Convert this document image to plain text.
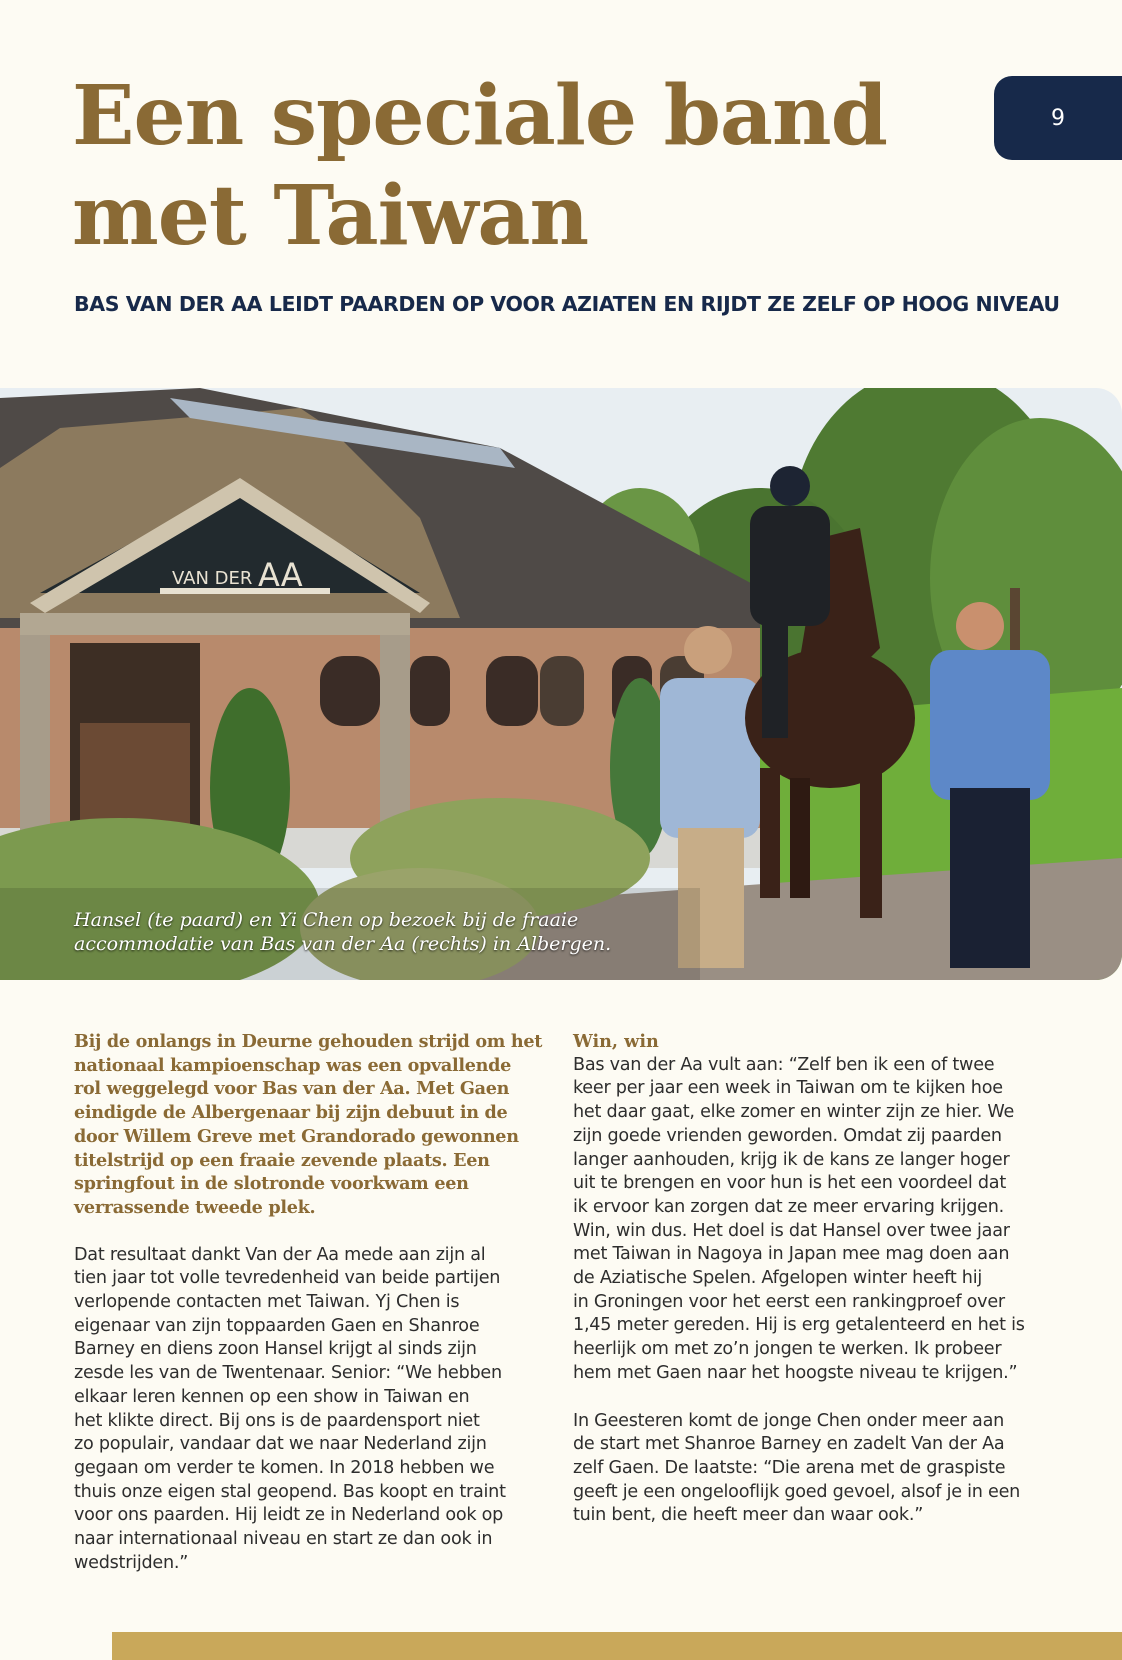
9
Een speciale band
met Taiwan
BAS VAN DER AA LEIDT PAARDEN OP VOOR AZIATEN EN RIJDT ZE ZELF OP HOOG NIVEAU
VAN DER AA
Hansel (te paard) en Yi Chen op bezoek bij de fraaie
accommodatie van Bas van der Aa (rechts) in Albergen.
Bij de onlangs in Deurne gehouden strijd om het
nationaal kampioenschap was een opvallende
rol weggelegd voor Bas van der Aa. Met Gaen
eindigde de Albergenaar bij zijn debuut in de
door Willem Greve met Grandorado gewonnen
titelstrijd op een fraaie zevende plaats. Een
springfout in de slotronde voorkwam een
verrassende tweede plek.
Dat resultaat dankt Van der Aa mede aan zijn al
tien jaar tot volle tevredenheid van beide partijen
verlopende contacten met Taiwan. Yj Chen is
eigenaar van zijn toppaarden Gaen en Shanroe
Barney en diens zoon Hansel krijgt al sinds zijn
zesde les van de Twentenaar. Senior: “We hebben
elkaar leren kennen op een show in Taiwan en
het klikte direct. Bij ons is de paardensport niet
zo populair, vandaar dat we naar Nederland zijn
gegaan om verder te komen. In 2018 hebben we
thuis onze eigen stal geopend. Bas koopt en traint
voor ons paarden. Hij leidt ze in Nederland ook op
naar internationaal niveau en start ze dan ook in
wedstrijden.”
Win, win
Bas van der Aa vult aan: “Zelf ben ik een of twee
keer per jaar een week in Taiwan om te kijken hoe
het daar gaat, elke zomer en winter zijn ze hier. We
zijn goede vrienden geworden. Omdat zij paarden
langer aanhouden, krijg ik de kans ze langer hoger
uit te brengen en voor hun is het een voordeel dat
ik ervoor kan zorgen dat ze meer ervaring krijgen.
Win, win dus. Het doel is dat Hansel over twee jaar
met Taiwan in Nagoya in Japan mee mag doen aan
de Aziatische Spelen. Afgelopen winter heeft hij
in Groningen voor het eerst een rankingproef over
1,45 meter gereden. Hij is erg getalenteerd en het is
heerlijk om met zo’n jongen te werken. Ik probeer
hem met Gaen naar het hoogste niveau te krijgen.”
In Geesteren komt de jonge Chen onder meer aan
de start met Shanroe Barney en zadelt Van der Aa
zelf Gaen. De laatste: “Die arena met de graspiste
geeft je een ongelooflijk goed gevoel, alsof je in een
tuin bent, die heeft meer dan waar ook.”
